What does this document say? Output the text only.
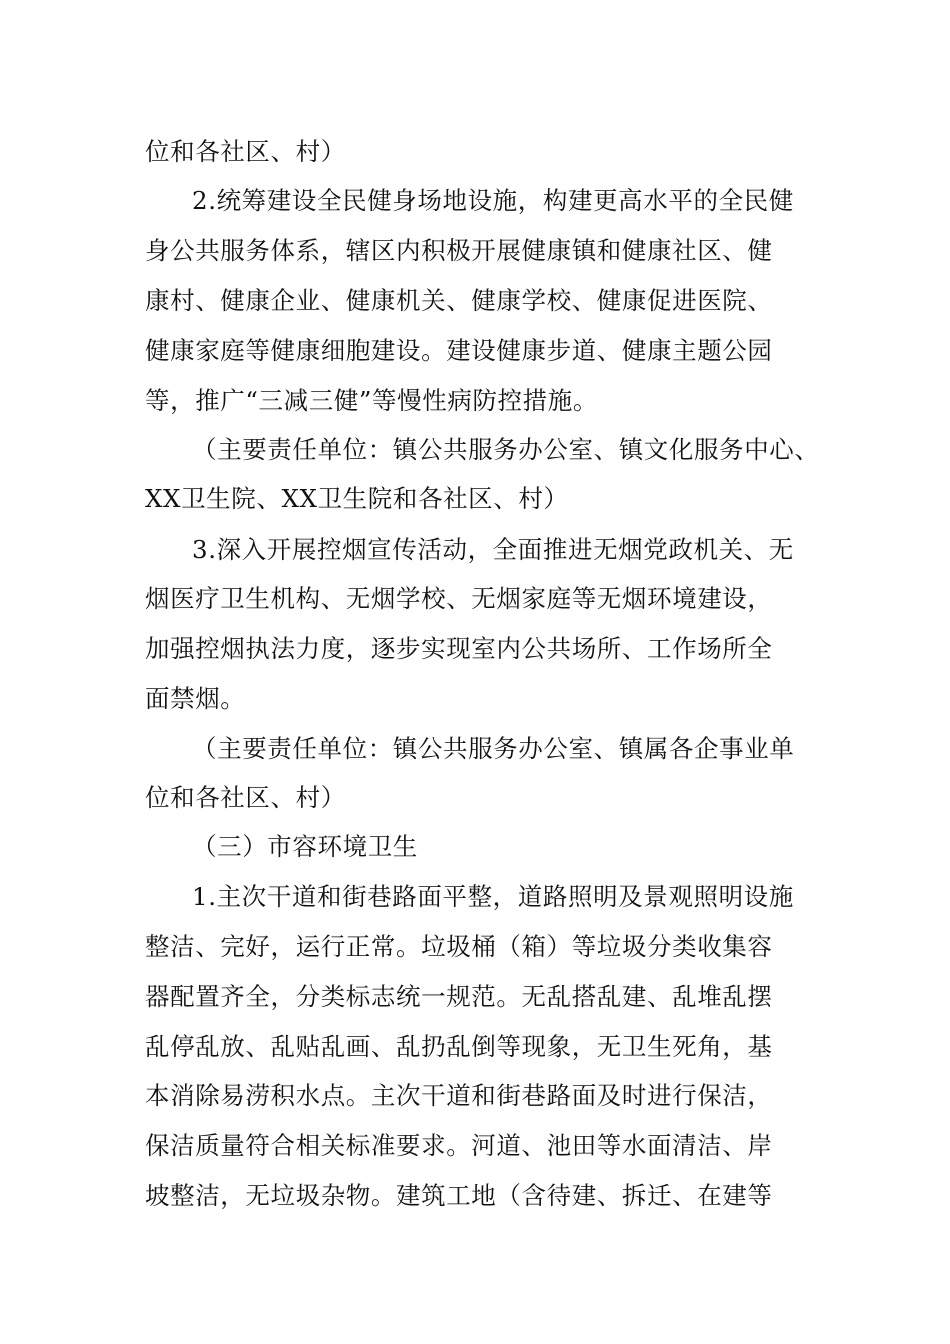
位和各社区、村）
2.统筹建设全民健身场地设施，构建更高水平的全民健
身公共服务体系，辖区内积极开展健康镇和健康社区、健
康村、健康企业、健康机关、健康学校、健康促进医院、
健康家庭等健康细胞建设。建设健康步道、健康主题公园
等，推广“三减三健”等慢性病防控措施。
（主要责任单位：镇公共服务办公室、镇文化服务中心、
XX卫生院、XX卫生院和各社区、村）
3.深入开展控烟宣传活动，全面推进无烟党政机关、无
烟医疗卫生机构、无烟学校、无烟家庭等无烟环境建设，
加强控烟执法力度，逐步实现室内公共场所、工作场所全
面禁烟。
（主要责任单位：镇公共服务办公室、镇属各企事业单
位和各社区、村）
（三）市容环境卫生
1.主次干道和街巷路面平整，道路照明及景观照明设施
整洁、完好，运行正常。垃圾桶（箱）等垃圾分类收集容
器配置齐全，分类标志统一规范。无乱搭乱建、乱堆乱摆
乱停乱放、乱贴乱画、乱扔乱倒等现象，无卫生死角，基
本消除易涝积水点。主次干道和街巷路面及时进行保洁，
保洁质量符合相关标准要求。河道、池田等水面清洁、岸
坡整洁，无垃圾杂物。建筑工地（含待建、拆迁、在建等
